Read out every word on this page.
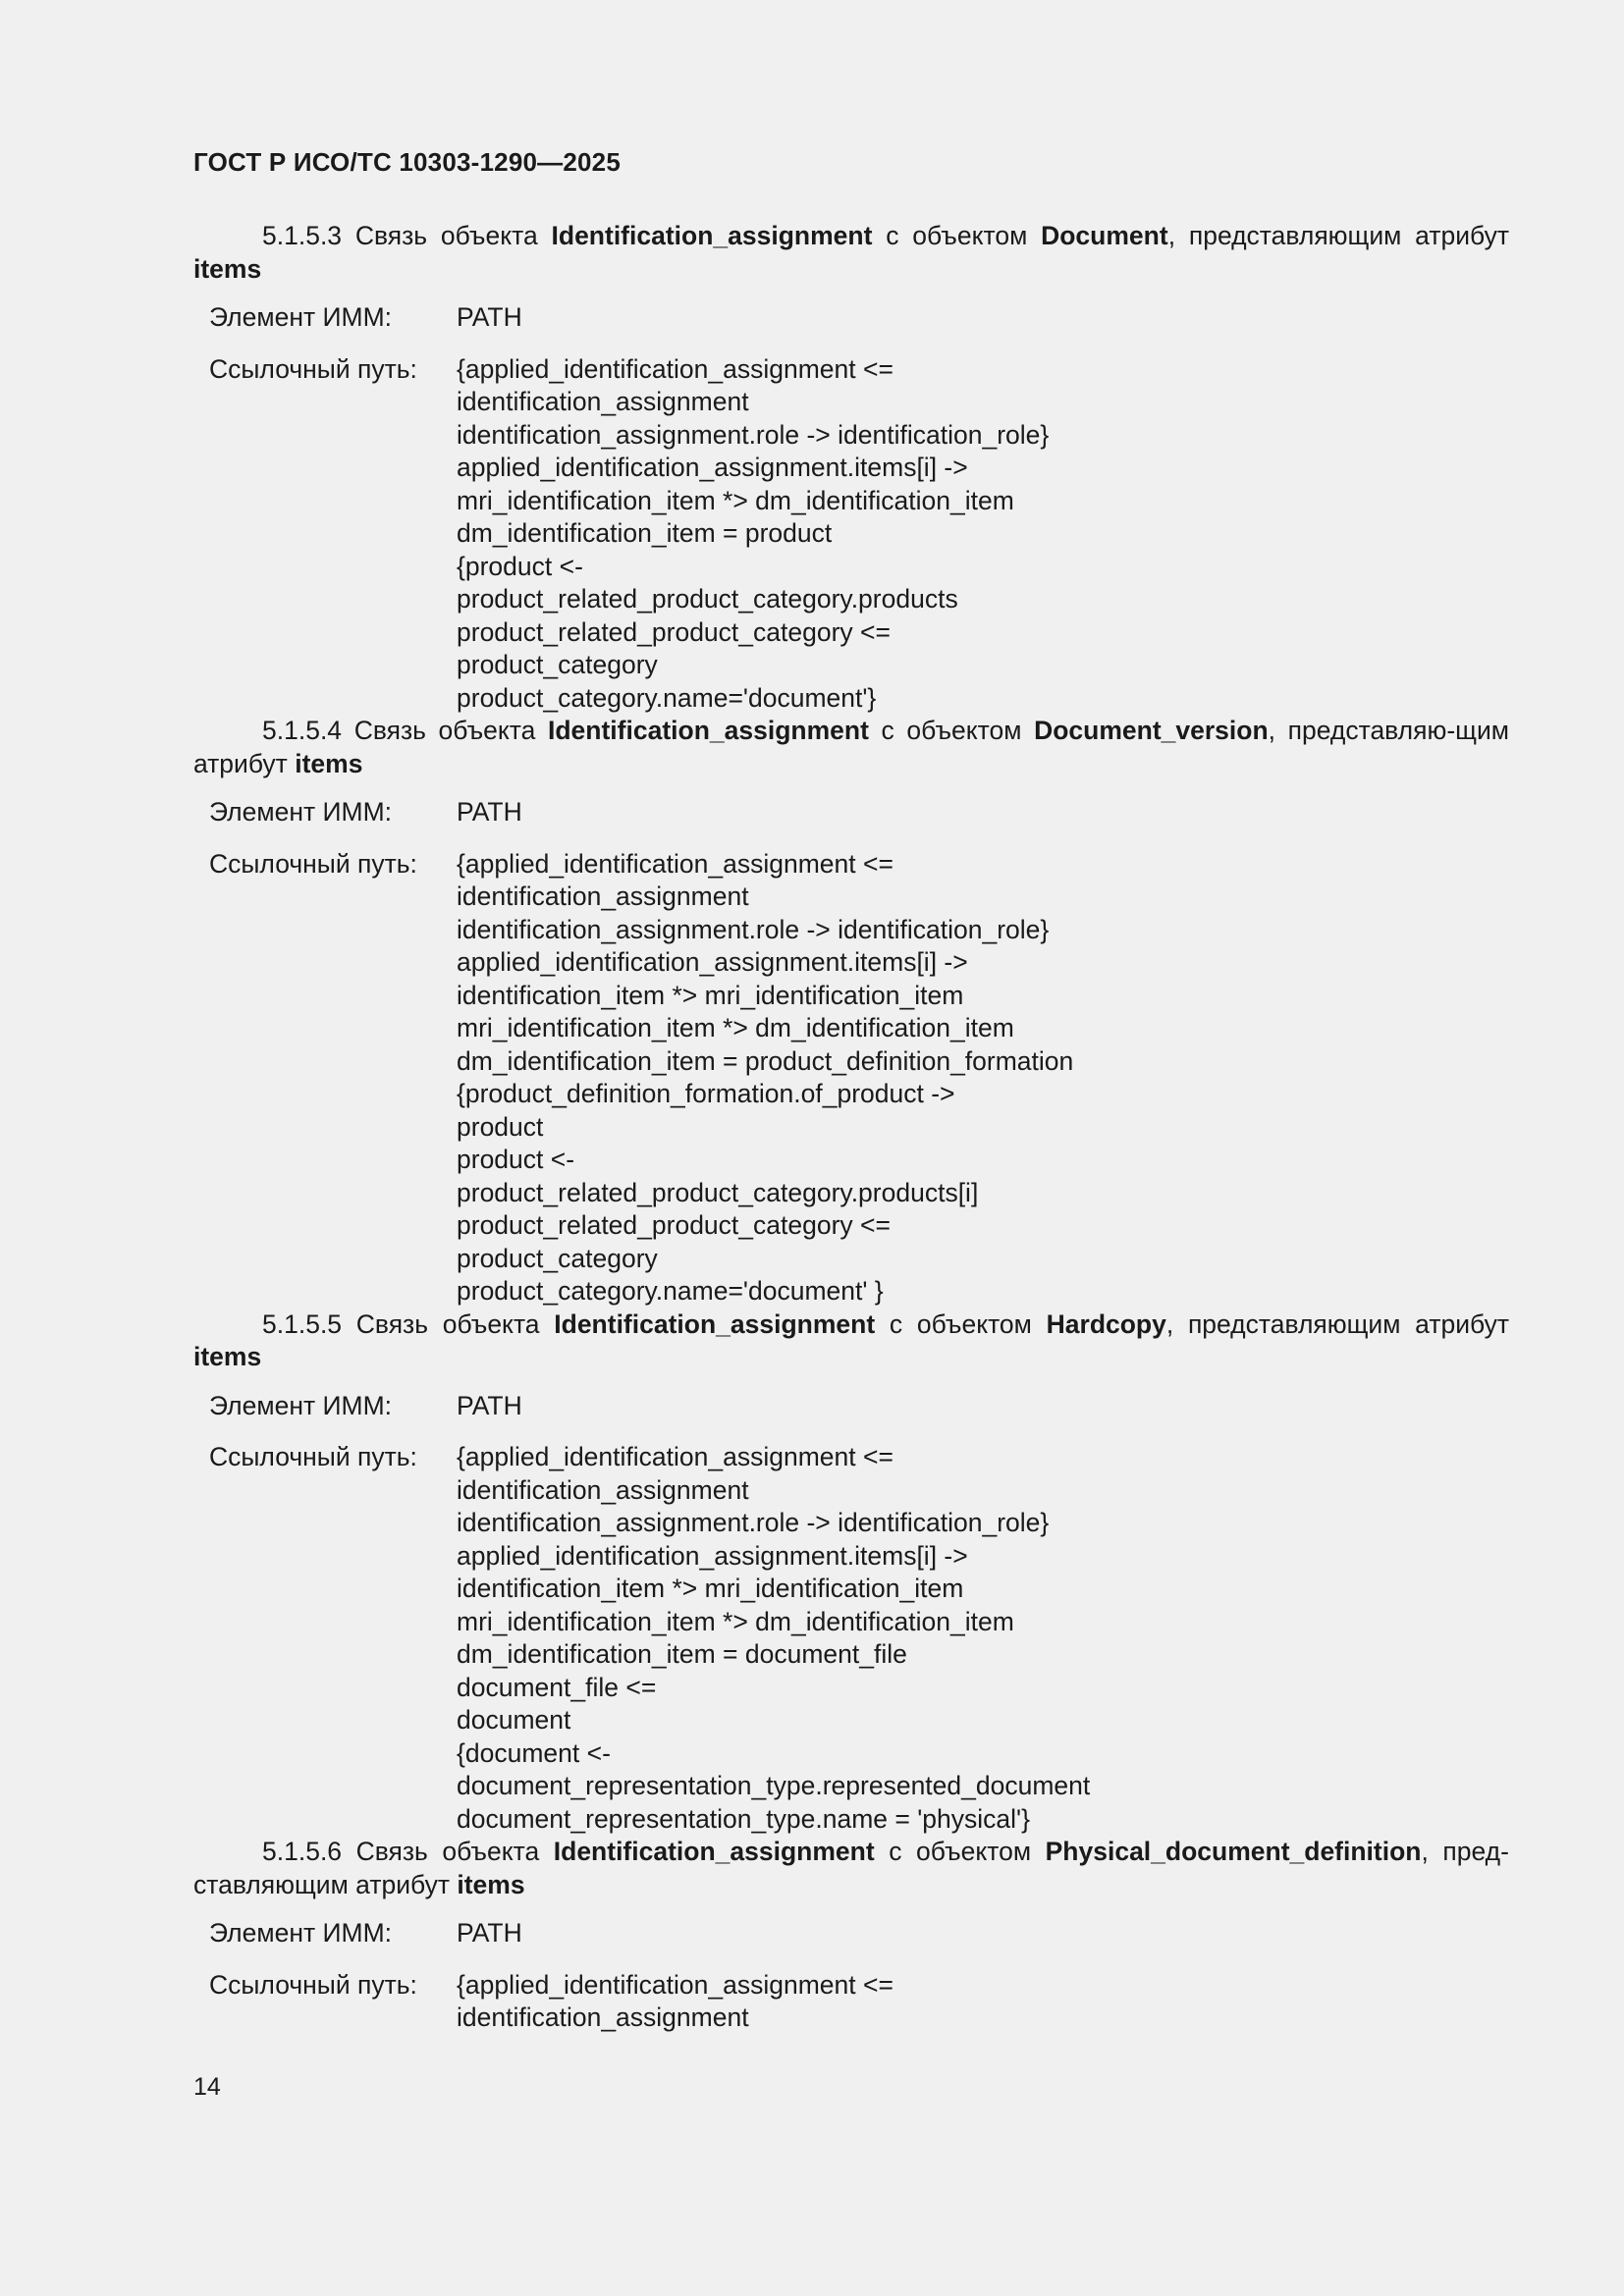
ГОСТ Р ИСО/ТС 10303-1290—2025

5.1.5.3 Связь объекта Identification_assignment с объектом Document, представляющим атрибут items

Элемент ИММ:	PATH
Ссылочный путь:	{applied_identification_assignment <=
identification_assignment
identification_assignment.role -> identification_role}
applied_identification_assignment.items[i] ->
mri_identification_item *> dm_identification_item
dm_identification_item = product
{product <-
product_related_product_category.products
product_related_product_category <=
product_category
product_category.name='document'}

5.1.5.4 Связь объекта Identification_assignment с объектом Document_version, представляю-щим атрибут items

Элемент ИММ:	PATH
Ссылочный путь:	{applied_identification_assignment <=
identification_assignment
identification_assignment.role -> identification_role}
applied_identification_assignment.items[i] ->
identification_item *> mri_identification_item
mri_identification_item *> dm_identification_item
dm_identification_item = product_definition_formation
{product_definition_formation.of_product ->
product
product <-
product_related_product_category.products[i]
product_related_product_category <=
product_category
product_category.name='document' }

5.1.5.5 Связь объекта Identification_assignment с объектом Hardcopy, представляющим атрибут items

Элемент ИММ:	PATH
Ссылочный путь:	{applied_identification_assignment <=
identification_assignment
identification_assignment.role -> identification_role}
applied_identification_assignment.items[i] ->
identification_item *> mri_identification_item
mri_identification_item *> dm_identification_item
dm_identification_item = document_file
document_file <=
document
{document <-
document_representation_type.represented_document
document_representation_type.name = 'physical'}

5.1.5.6 Связь объекта Identification_assignment с объектом Physical_document_definition, пред-ставляющим атрибут items

Элемент ИММ:	PATH
Ссылочный путь:	{applied_identification_assignment <=
identification_assignment
14
